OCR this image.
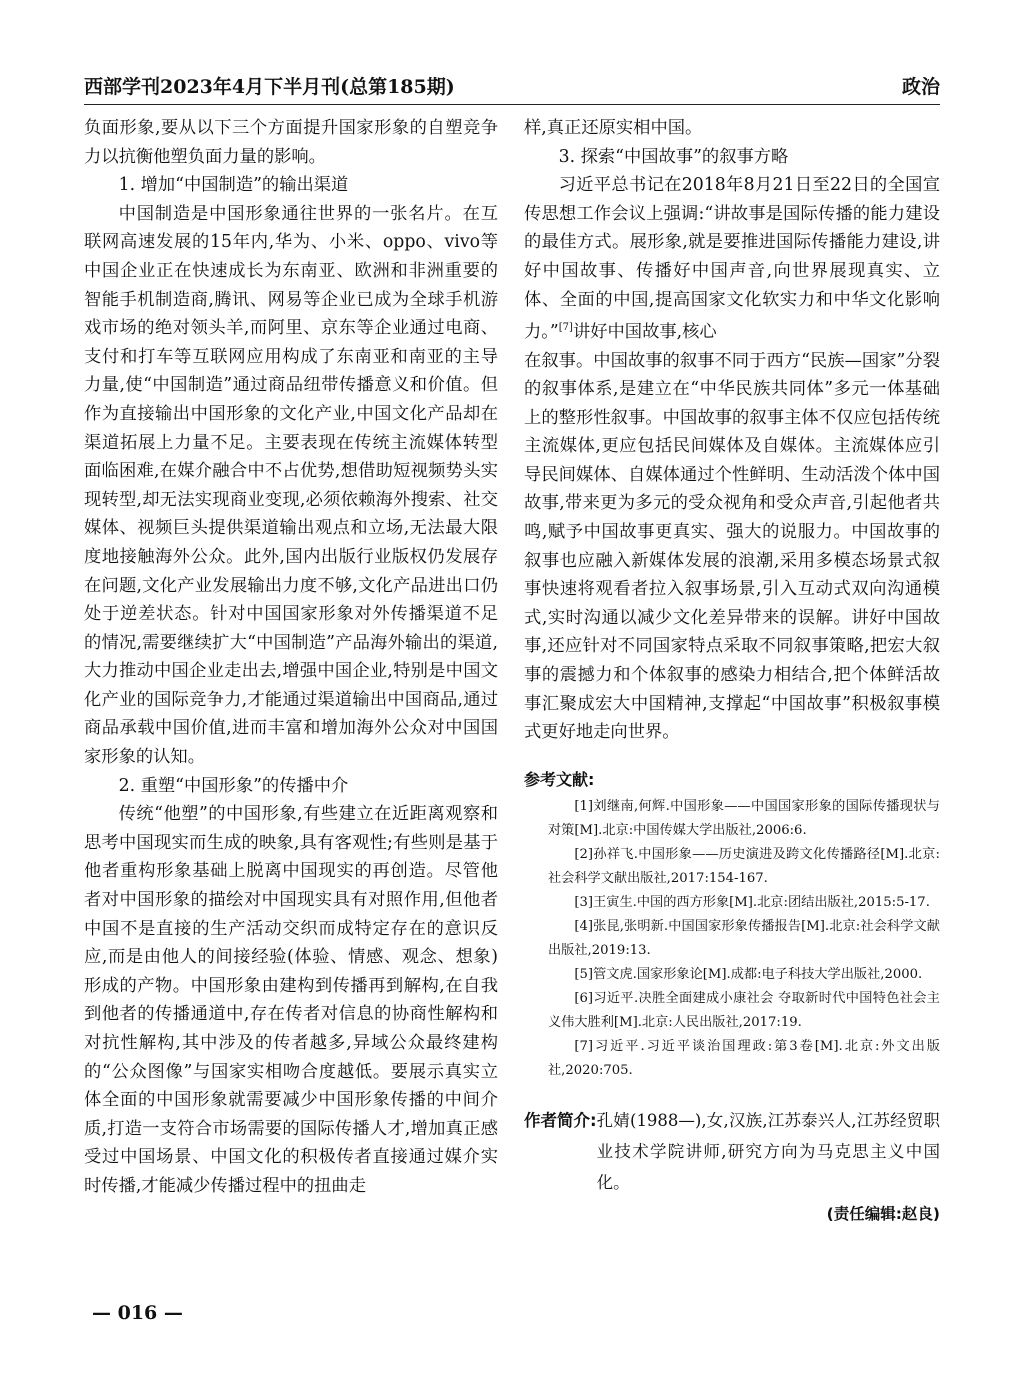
西部学刊2023年4月下半月刊(总第185期)	政治

负面形象,要从以下三个方面提升国家形象的自塑竞争力以抗衡他塑负面力量的影响。

1. 增加“中国制造”的输出渠道

中国制造是中国形象通往世界的一张名片。在互联网高速发展的15年内,华为、小米、oppo、vivo等中国企业正在快速成长为东南亚、欧洲和非洲重要的智能手机制造商,腾讯、网易等企业已成为全球手机游戏市场的绝对领头羊,而阿里、京东等企业通过电商、支付和打车等互联网应用构成了东南亚和南亚的主导力量,使“中国制造”通过商品纽带传播意义和价值。但作为直接输出中国形象的文化产业,中国文化产品却在渠道拓展上力量不足。主要表现在传统主流媒体转型面临困难,在媒介融合中不占优势,想借助短视频势头实现转型,却无法实现商业变现,必须依赖海外搜索、社交媒体、视频巨头提供渠道输出观点和立场,无法最大限度地接触海外公众。此外,国内出版行业版权仍发展存在问题,文化产业发展输出力度不够,文化产品进出口仍处于逆差状态。针对中国国家形象对外传播渠道不足的情况,需要继续扩大“中国制造”产品海外输出的渠道,大力推动中国企业走出去,增强中国企业,特别是中国文化产业的国际竞争力,才能通过渠道输出中国商品,通过商品承载中国价值,进而丰富和增加海外公众对中国国家形象的认知。

2. 重塑“中国形象”的传播中介

传统“他塑”的中国形象,有些建立在近距离观察和思考中国现实而生成的映象,具有客观性;有些则是基于他者重构形象基础上脱离中国现实的再创造。尽管他者对中国形象的描绘对中国现实具有对照作用,但他者中国不是直接的生产活动交织而成特定存在的意识反应,而是由他人的间接经验(体验、情感、观念、想象)形成的产物。中国形象由建构到传播再到解构,在自我到他者的传播通道中,存在传者对信息的协商性解构和对抗性解构,其中涉及的传者越多,异域公众最终建构的“公众图像”与国家实相吻合度越低。要展示真实立体全面的中国形象就需要减少中国形象传播的中间介质,打造一支符合市场需要的国际传播人才,增加真正感受过中国场景、中国文化的积极传者直接通过媒介实时传播,才能减少传播过程中的扭曲走

样,真正还原实相中国。

3. 探索“中国故事”的叙事方略

习近平总书记在2018年8月21日至22日的全国宣传思想工作会议上强调:“讲故事是国际传播的能力建设的最佳方式。展形象,就是要推进国际传播能力建设,讲好中国故事、传播好中国声音,向世界展现真实、立体、全面的中国,提高国家文化软实力和中华文化影响力。”[7]讲好中国故事,核心

在叙事。中国故事的叙事不同于西方“民族—国家”分裂的叙事体系,是建立在“中华民族共同体”多元一体基础上的整形性叙事。中国故事的叙事主体不仅应包括传统主流媒体,更应包括民间媒体及自媒体。主流媒体应引导民间媒体、自媒体通过个性鲜明、生动活泼个体中国故事,带来更为多元的受众视角和受众声音,引起他者共鸣,赋予中国故事更真实、强大的说服力。中国故事的叙事也应融入新媒体发展的浪潮,采用多模态场景式叙事快速将观看者拉入叙事场景,引入互动式双向沟通模式,实时沟通以减少文化差异带来的误解。讲好中国故事,还应针对不同国家特点采取不同叙事策略,把宏大叙事的震撼力和个体叙事的感染力相结合,把个体鲜活故事汇聚成宏大中国精神,支撑起“中国故事”积极叙事模式更好地走向世界。

参考文献:

[1]刘继南,何辉.中国形象——中国国家形象的国际传播现状与对策[M].北京:中国传媒大学出版社,2006:6.

[2]孙祥飞.中国形象——历史演进及跨文化传播路径[M].北京:社会科学文献出版社,2017:154-167.

[3]王寅生.中国的西方形象[M].北京:团结出版社,2015:5-17.

[4]张昆,张明新.中国国家形象传播报告[M].北京:社会科学文献出版社,2019:13.

[5]管文虎.国家形象论[M].成都:电子科技大学出版社,2000.

[6]习近平.决胜全面建成小康社会 夺取新时代中国特色社会主义伟大胜利[M].北京:人民出版社,2017:19.

[7]习近平.习近平谈治国理政:第3卷[M].北京:外文出版社,2020:705.

作者简介: 孔婧(1988—),女,汉族,江苏泰兴人,江苏经贸职业技术学院讲师,研究方向为马克思主义中国化。
(责任编辑:赵良)
— 016 —
